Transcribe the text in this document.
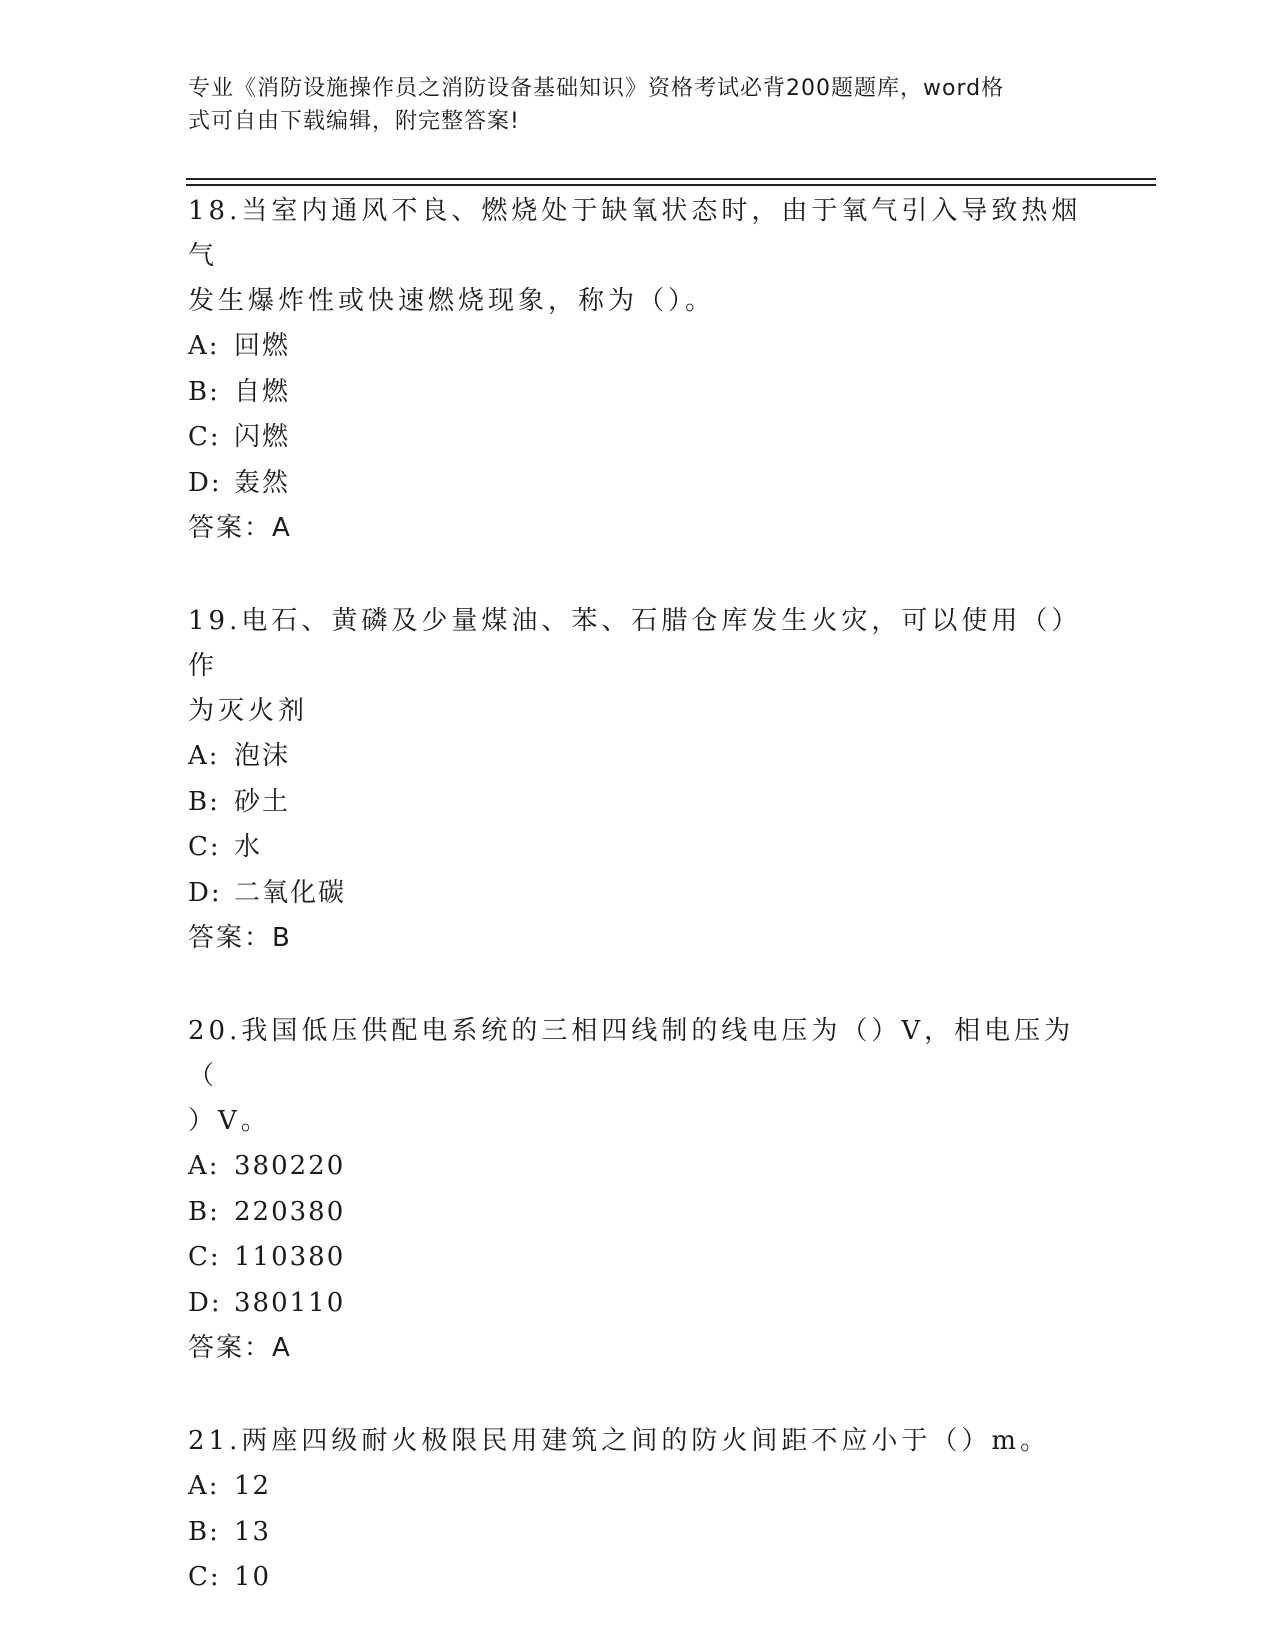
专业《消防设施操作员之消防设备基础知识》资格考试必背200题题库，word格
式可自由下载编辑，附完整答案!
18.当室内通风不良、燃烧处于缺氧状态时，由于氧气引入导致热烟气
发生爆炸性或快速燃烧现象，称为（）。
A: 回燃
B: 自燃
C: 闪燃
D: 轰然
答案：A
19.电石、黄磷及少量煤油、苯、石腊仓库发生火灾，可以使用（）作
为灭火剂
A: 泡沫
B: 砂土
C: 水
D: 二氧化碳
答案：B
20.我国低压供配电系统的三相四线制的线电压为（）V，相电压为（
）V。
A: 380220
B: 220380
C: 110380
D: 380110
答案：A
21.两座四级耐火极限民用建筑之间的防火间距不应小于（）m。
A: 12
B: 13
C: 10
